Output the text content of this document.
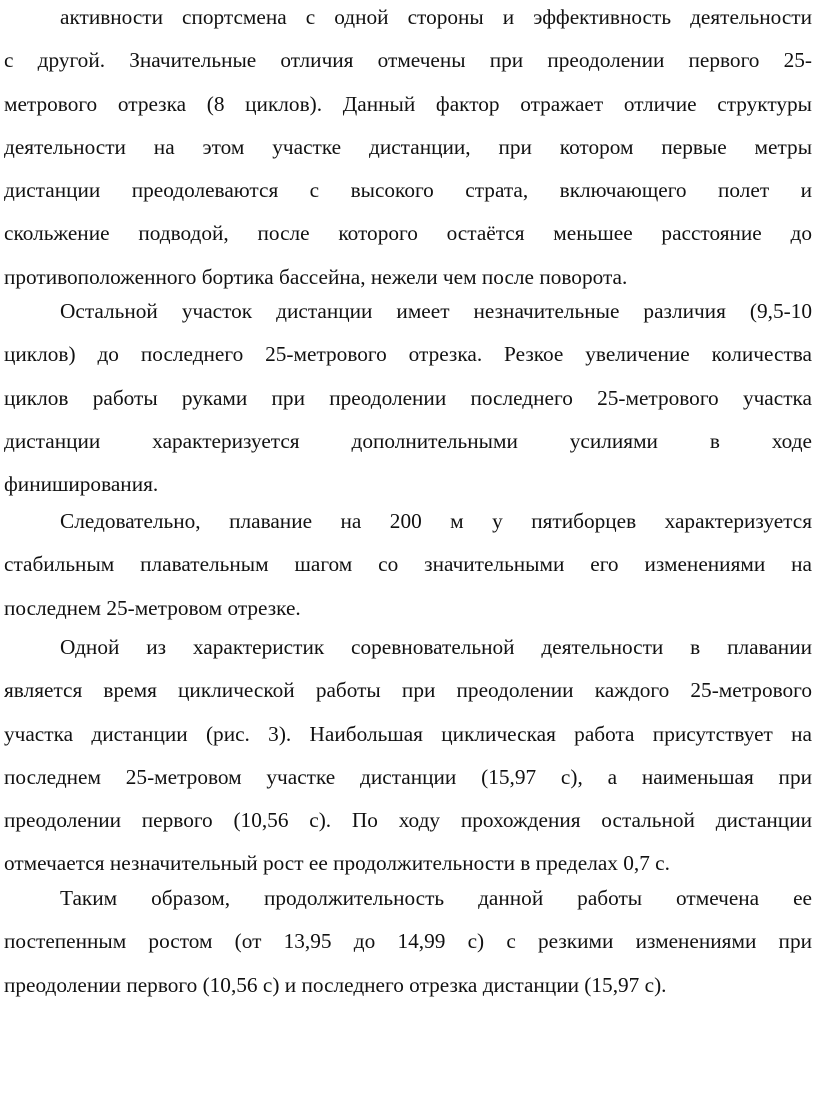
активности спортсмена с одной стороны и эффективность деятельности
с другой. Значительные отличия отмечены при преодолении первого 25-
метрового отрезка (8 циклов). Данный фактор отражает отличие структуры
деятельности на этом участке дистанции, при котором первые метры
дистанции преодолеваются с высокого страта, включающего полет и
скольжение подводой, после которого остаётся меньшее расстояние до
противоположенного бортика бассейна, нежели чем после поворота.
Остальной участок дистанции имеет незначительные различия (9,5-10
циклов) до последнего 25-метрового отрезка. Резкое увеличение количества
циклов работы руками при преодолении последнего 25-метрового участка
дистанции характеризуется дополнительными усилиями в ходе
финиширования.
Следовательно, плавание на 200 м у пятиборцев характеризуется
стабильным плавательным шагом со значительными его изменениями на
последнем 25-метровом отрезке.
Одной из характеристик соревновательной деятельности в плавании
является время циклической работы при преодолении каждого 25-метрового
участка дистанции (рис. 3). Наибольшая циклическая работа присутствует на
последнем 25-метровом участке дистанции (15,97 с), а наименьшая при
преодолении первого (10,56 с). По ходу прохождения остальной дистанции
отмечается незначительный рост ее продолжительности в пределах 0,7 с.
Таким образом, продолжительность данной работы отмечена ее
постепенным ростом (от 13,95 до 14,99 с) с резкими изменениями при
преодолении первого (10,56 с) и последнего отрезка дистанции (15,97 с).
